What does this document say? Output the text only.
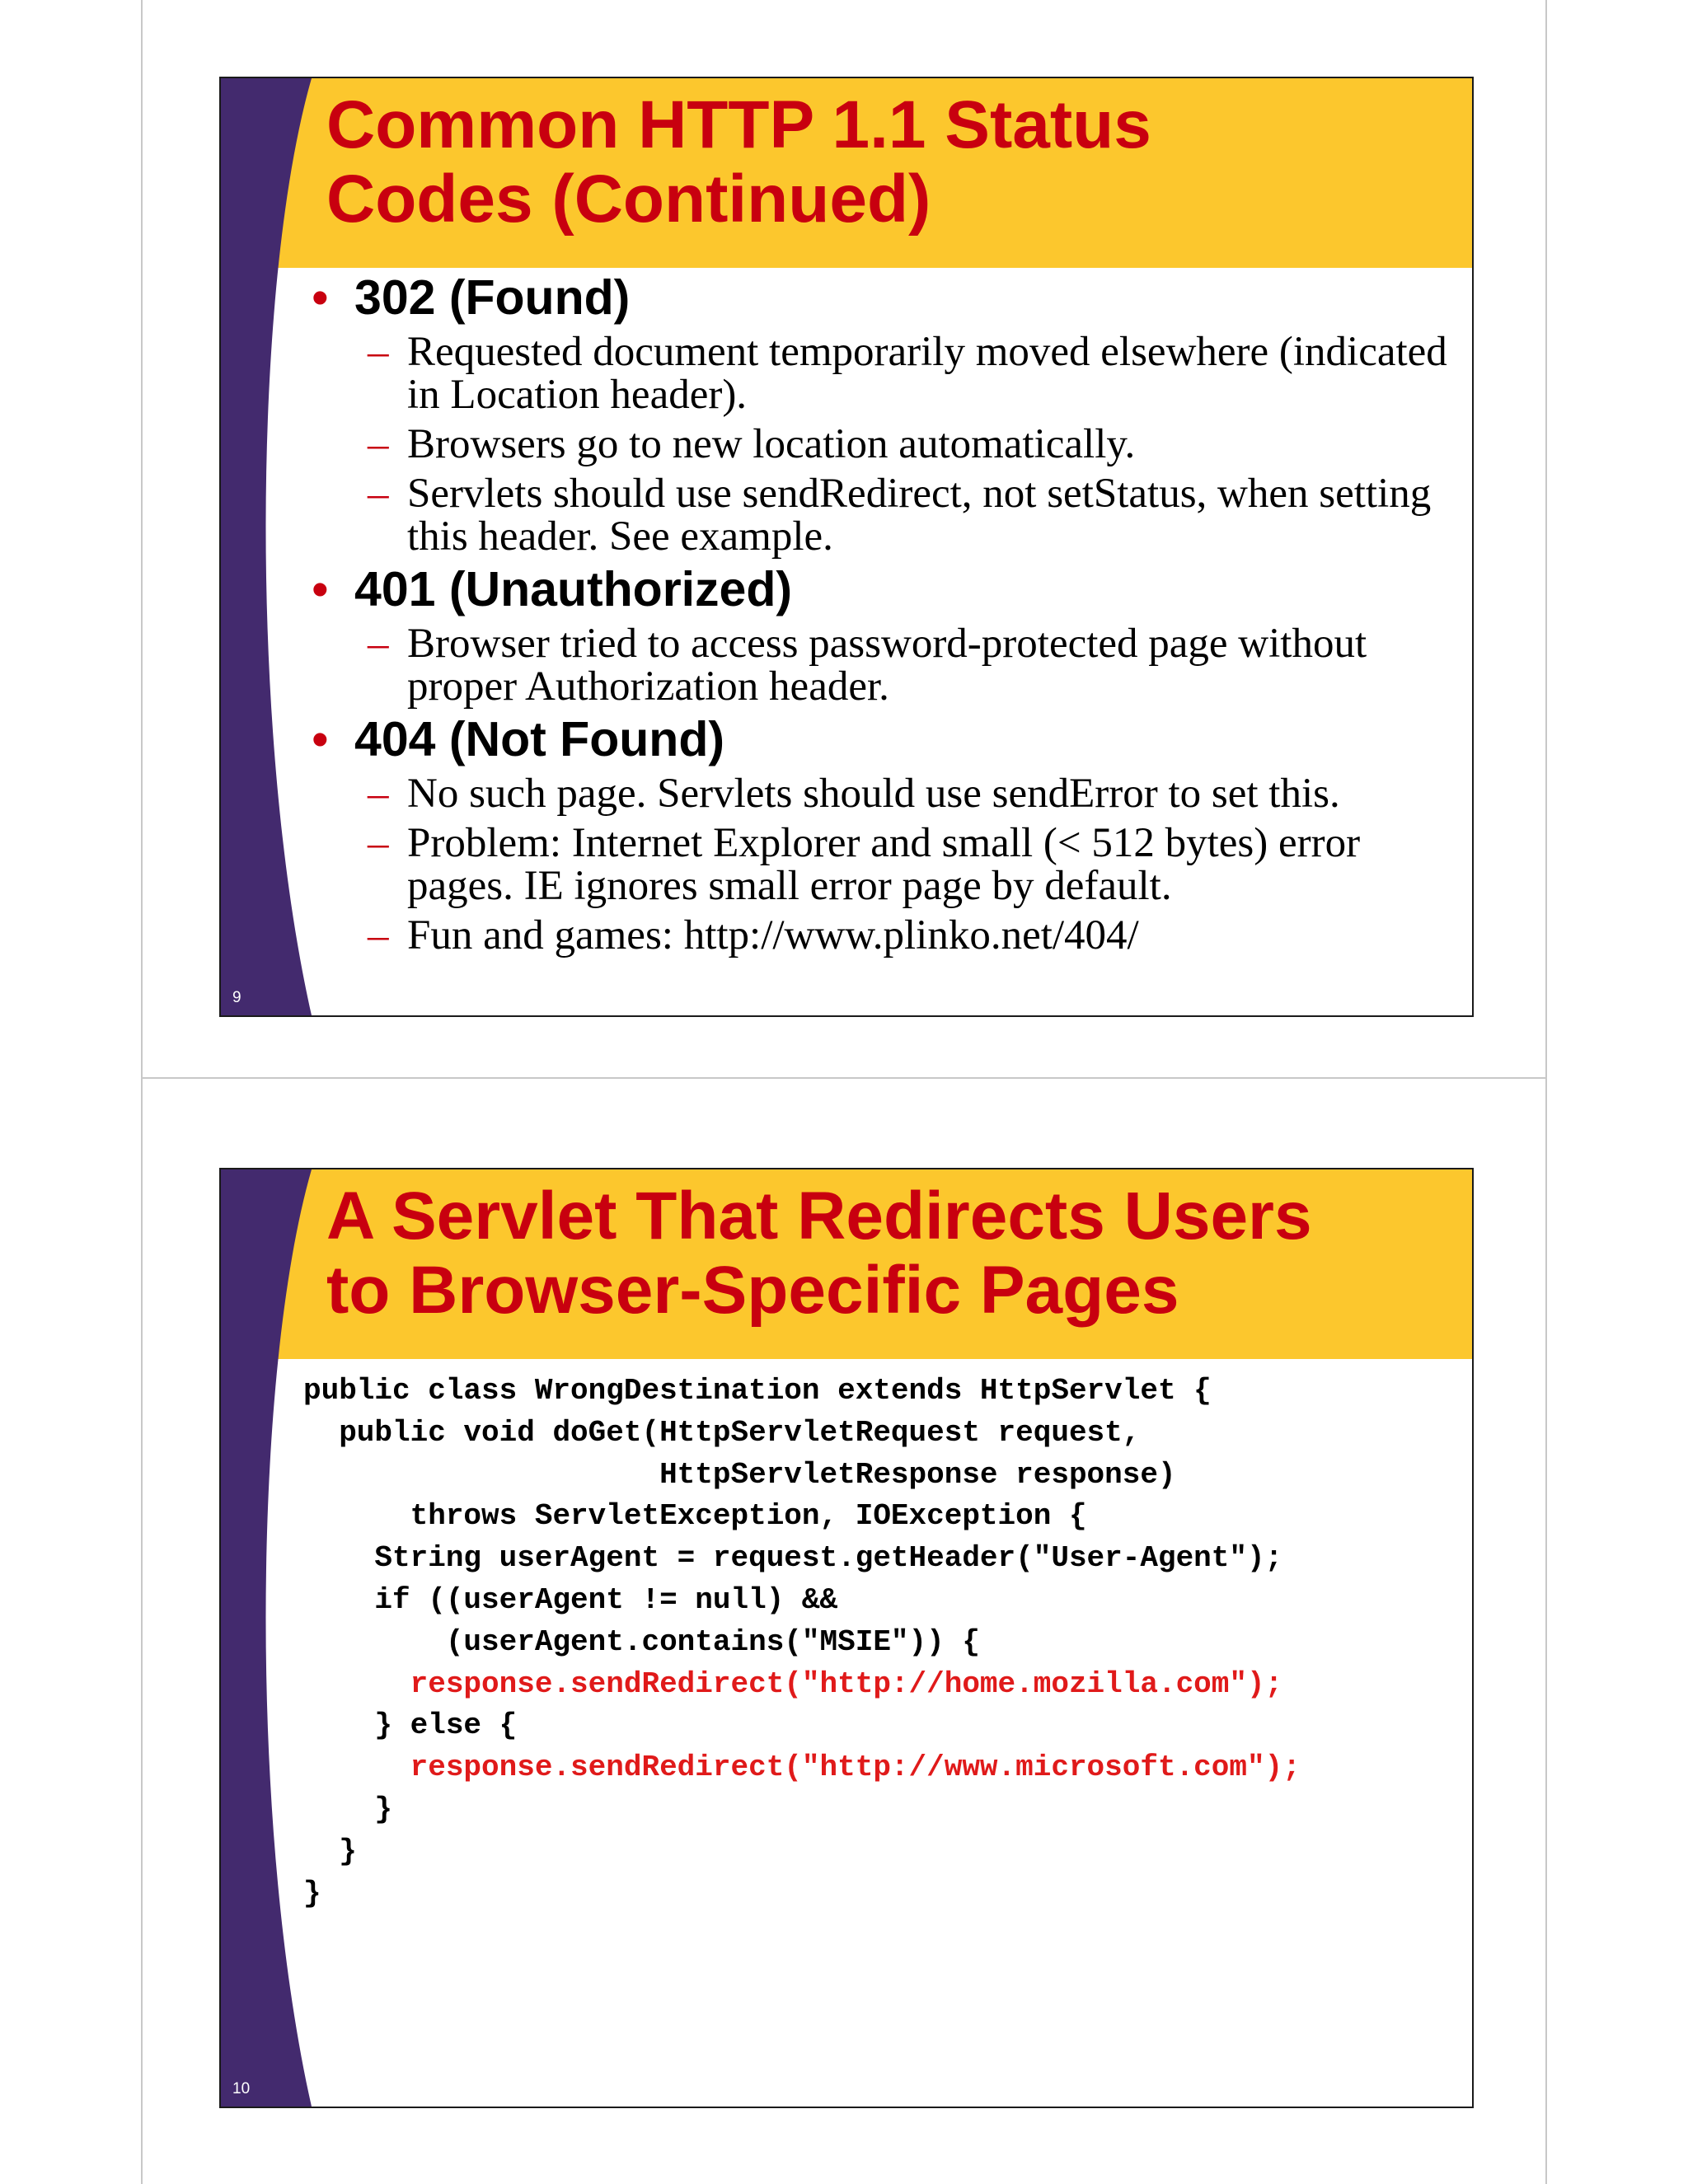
Common HTTP 1.1 Status
Codes (Continued)
• 302 (Found)
– Requested document temporarily moved elsewhere (indicated in Location header).
– Browsers go to new location automatically.
– Servlets should use sendRedirect, not setStatus, when setting this header. See example.
• 401 (Unauthorized)
– Browser tried to access password-protected page without proper Authorization header.
• 404 (Not Found)
– No such page. Servlets should use sendError to set this.
– Problem: Internet Explorer and small (< 512 bytes) error pages. IE ignores small error page by default.
– Fun and games: http://www.plinko.net/404/
9
A Servlet That Redirects Users
to Browser-Specific Pages
public class WrongDestination extends HttpServlet {
public void doGet(HttpServletRequest request,
HttpServletResponse response)
throws ServletException, IOException {
String userAgent = request.getHeader("User-Agent");
if ((userAgent != null) &&
(userAgent.contains("MSIE")) {
response.sendRedirect("http://home.mozilla.com");
} else {
response.sendRedirect("http://www.microsoft.com");
}
}
}
10
